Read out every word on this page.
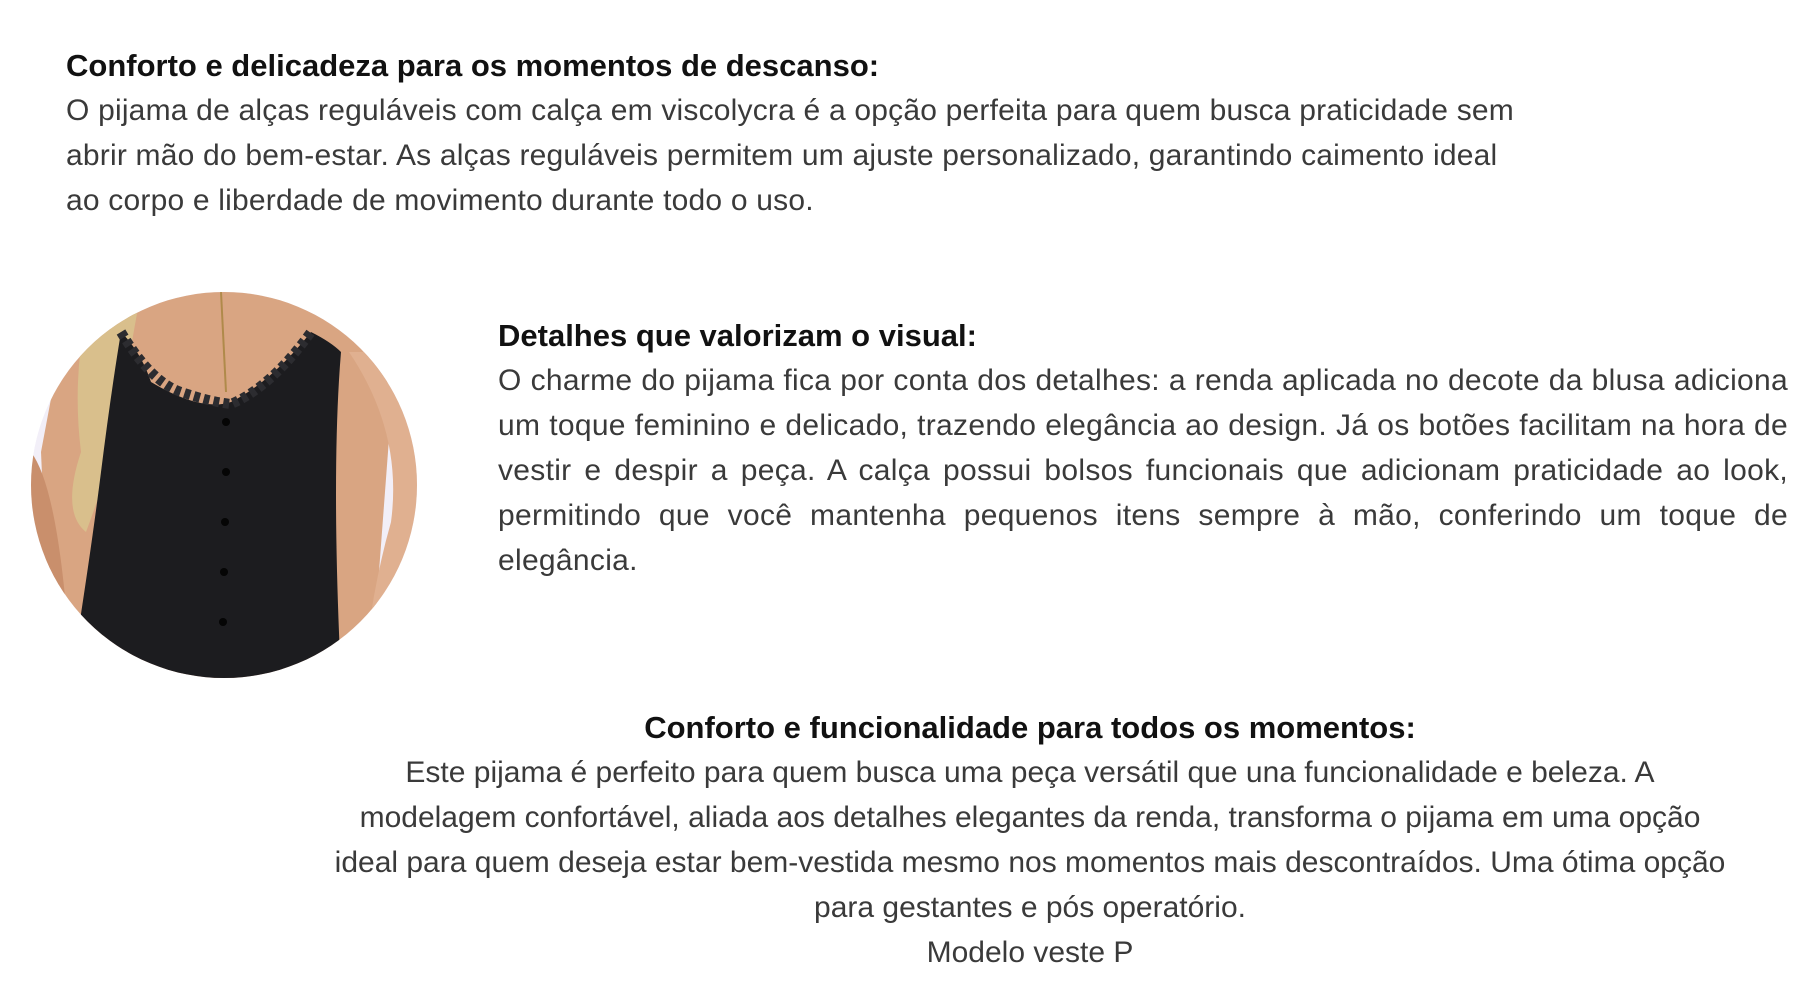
Conforto e delicadeza para os momentos de descanso:

O pijama de alças reguláveis com calça em viscolycra é a opção perfeita para quem busca praticidade sem
abrir mão do bem-estar. As alças reguláveis permitem um ajuste personalizado, garantindo caimento ideal
ao corpo e liberdade de movimento durante todo o uso.

Detalhes que valorizam o visual:

O charme do pijama fica por conta dos detalhes: a renda aplicada no decote da blusa adiciona um toque feminino e delicado, trazendo elegância ao design. Já os botões facilitam na hora de vestir e despir a peça. A calça possui bolsos funcionais que adicionam praticidade ao look, permitindo que você mantenha pequenos itens sempre à mão, conferindo um toque de elegância.

Conforto e funcionalidade para todos os momentos:

Este pijama é perfeito para quem busca uma peça versátil que una funcionalidade e beleza. A
modelagem confortável, aliada aos detalhes elegantes da renda, transforma o pijama em uma opção
ideal para quem deseja estar bem-vestida mesmo nos momentos mais descontraídos. Uma ótima opção
para gestantes e pós operatório.
Modelo veste P
